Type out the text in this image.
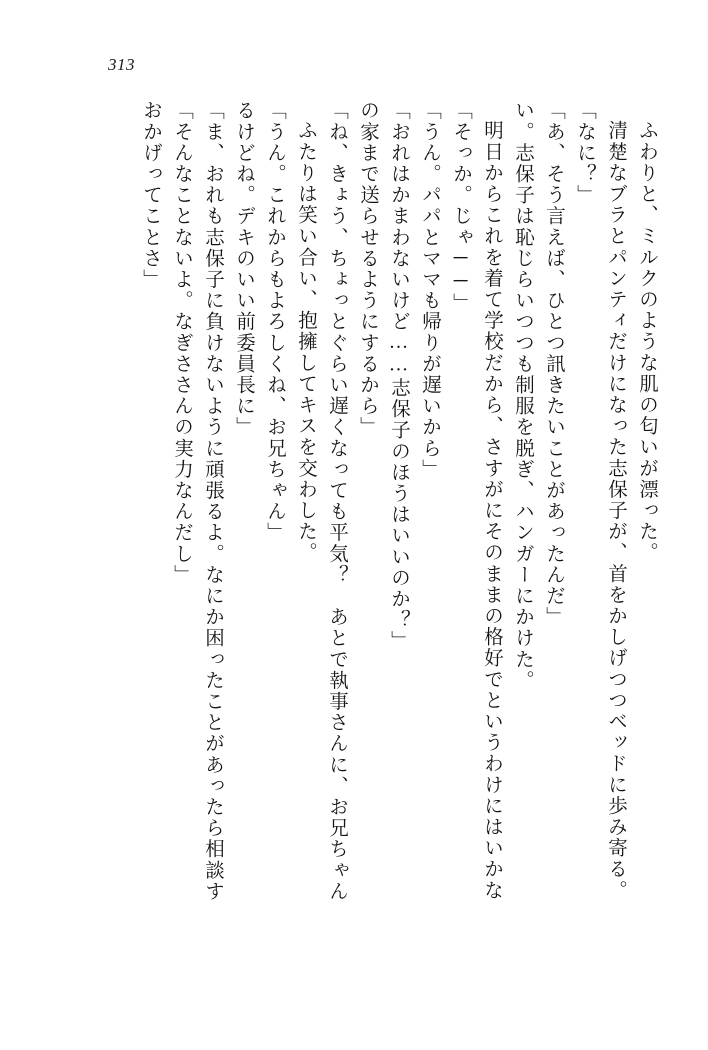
313
おかげってことさ」 「そんなことないよ。なぎささんの実力なんだし」 「ま、おれも志保子に負けないように頑張るよ。なにか困ったことがあったら相談す るけどね。デキのいい前委員長に」 「うん。これからもよろしくね、お兄ちゃん」 ふたりは笑い合い、抱擁してキスを交わした。 「ね、きょう、ちょっとぐらい遅くなっても平気？　あとで執事さんに、お兄ちゃん の家まで送らせるようにするから」 「おれはかまわないけど……志保子のほうはいいのか？」 「うん。パパとママも帰りが遅いから」 「そっか。じゃ──」 明日からこれを着て学校だから、さすがにそのままの格好でというわけにはいかな い。志保子は恥じらいつつも制服を脱ぎ、ハンガーにかけた。 「あ、そう言えば、ひとつ訊きたいことがあったんだ」 「なに？」 清楚なブラとパンティだけになった志保子が、首をかしげつつベッドに歩み寄る。 ふわりと、ミルクのような肌の匂いが漂った。
